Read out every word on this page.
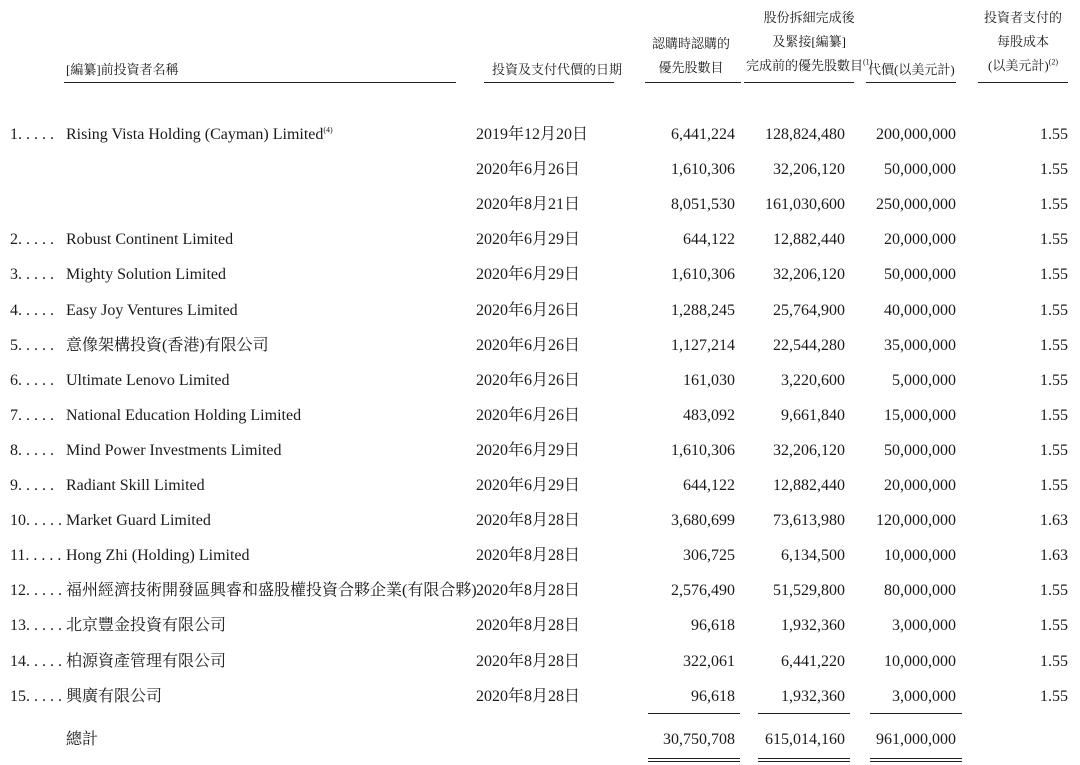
[編纂]前投資者名稱	投資及支付代價的日期
認購時認購的
優先股數目
股份拆細完成後
及緊接[編纂]
完成前的優先股數目$^{(1)}$
代價(以美元計)
投資者支付的
每股成本
(以美元計)$^{(2)}$
1. . . . . Rising Vista Holding (Cayman) Limited$^{(4)}$	2019年12月20日	6,441,224 128,824,480 200,000,000	1.55
2020年6月26日	1,610,306 32,206,120 50,000,000	1.55
2020年8月21日	8,051,530 161,030,600 250,000,000	1.55
2. . . . . Robust Continent Limited	2020年6月29日	644,122 12,882,440 20,000,000	1.55
3. . . . . Mighty Solution Limited	2020年6月29日	1,610,306 32,206,120 50,000,000	1.55
4. . . . . Easy Joy Ventures Limited	2020年6月26日	1,288,245 25,764,900 40,000,000	1.55
5. . . . . 意像架構投資(香港)有限公司	2020年6月26日	1,127,214 22,544,280 35,000,000	1.55
6. . . . . Ultimate Lenovo Limited	2020年6月26日	161,030	3,220,600	5,000,000	1.55
7. . . . . National Education Holding Limited	2020年6月26日	483,092	9,661,840 15,000,000	1.55
8. . . . . Mind Power Investments Limited	2020年6月29日	1,610,306 32,206,120 50,000,000	1.55
9. . . . . Radiant Skill Limited	2020年6月29日	644,122 12,882,440 20,000,000	1.55
10. . . . . Market Guard Limited	2020年8月28日	3,680,699 73,613,980 120,000,000	1.63
11. . . . . Hong Zhi (Holding) Limited	2020年8月28日	306,725	6,134,500 10,000,000	1.63
12. . . . . 福州經濟技術開發區興睿和盛股權投資合夥企業(有限合夥) 2020年8月28日	2,576,490 51,529,800 80,000,000	1.55
13. . . . . 北京豐金投資有限公司	2020年8月28日	96,618	1,932,360	3,000,000	1.55
14. . . . . 柏源資產管理有限公司	2020年8月28日	322,061	6,441,220 10,000,000	1.55
15. . . . . 興廣有限公司	2020年8月28日	96,618	1,932,360	3,000,000	1.55
總計	30,750,708 615,014,160 961,000,000
